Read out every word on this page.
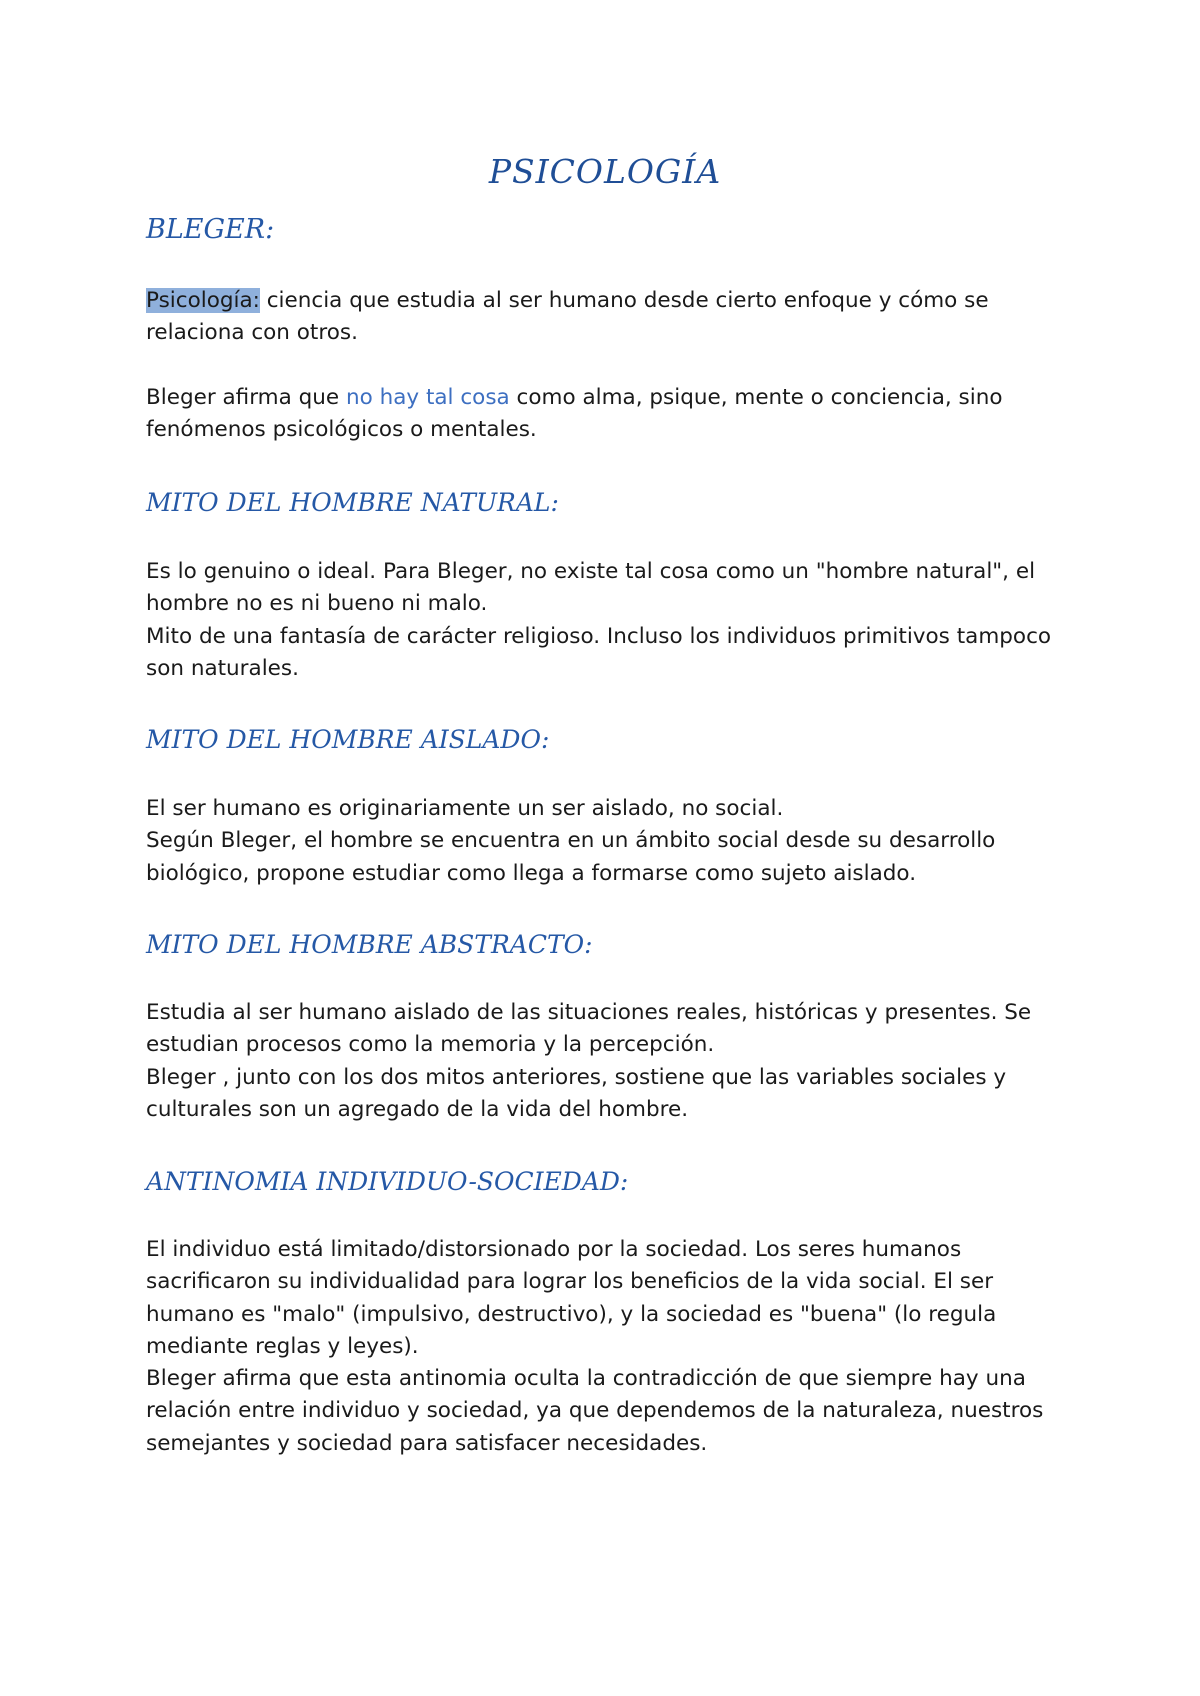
PSICOLOGÍA
BLEGER:
Psicología: ciencia que estudia al ser humano desde cierto enfoque y cómo se
relaciona con otros.
Bleger afirma que no hay tal cosa como alma, psique, mente o conciencia, sino
fenómenos psicológicos o mentales.
MITO DEL HOMBRE NATURAL:
Es lo genuino o ideal. Para Bleger, no existe tal cosa como un "hombre natural", el
hombre no es ni bueno ni malo.
Mito de una fantasía de carácter religioso. Incluso los individuos primitivos tampoco
son naturales.
MITO DEL HOMBRE AISLADO:
El ser humano es originariamente un ser aislado, no social.
Según Bleger, el hombre se encuentra en un ámbito social desde su desarrollo
biológico, propone estudiar como llega a formarse como sujeto aislado.
MITO DEL HOMBRE ABSTRACTO:
Estudia al ser humano aislado de las situaciones reales, históricas y presentes. Se
estudian procesos como la memoria y la percepción.
Bleger , junto con los dos mitos anteriores, sostiene que las variables sociales y
culturales son un agregado de la vida del hombre.
ANTINOMIA INDIVIDUO-SOCIEDAD:
El individuo está limitado/distorsionado por la sociedad. Los seres humanos
sacrificaron su individualidad para lograr los beneficios de la vida social. El ser
humano es "malo" (impulsivo, destructivo), y la sociedad es "buena" (lo regula
mediante reglas y leyes).
Bleger afirma que esta antinomia oculta la contradicción de que siempre hay una
relación entre individuo y sociedad, ya que dependemos de la naturaleza, nuestros
semejantes y sociedad para satisfacer necesidades.
